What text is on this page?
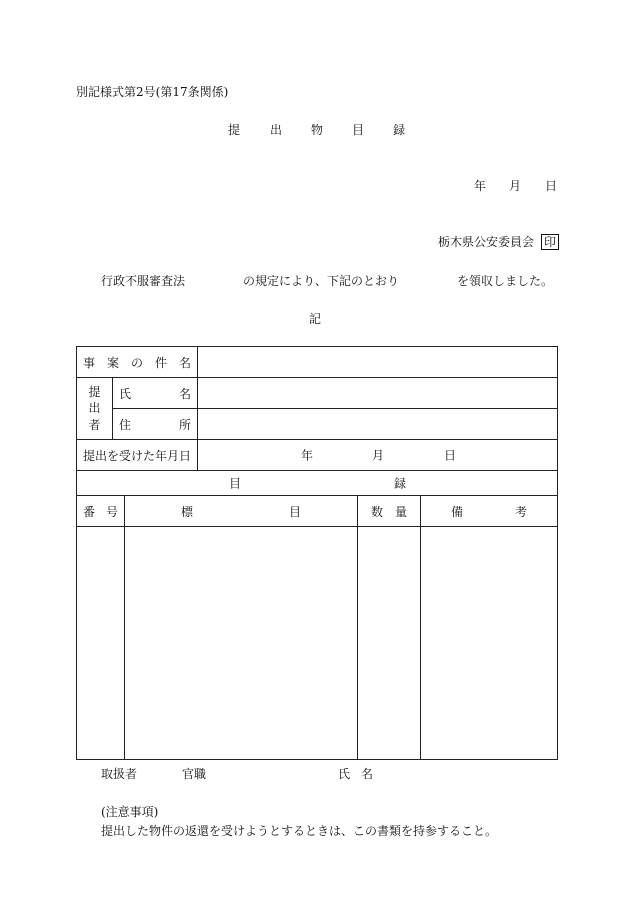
別記様式第2号(第17条関係)
提 出 物 目 録
年 月 日
栃木県公安委員会 印
行政不服審査法	の規定により、下記のとおり	を領収しました。
記
事 案 の 件 名					

提
出
者	氏 名				

	住 所				

提出を受けた年月日			年 月 日		

目 録					

番 号		標 目		数 量	備 考

取扱者	官職	氏 名
(注意事項)
提出した物件の返還を受けようとするときは、この書類を持参すること。
